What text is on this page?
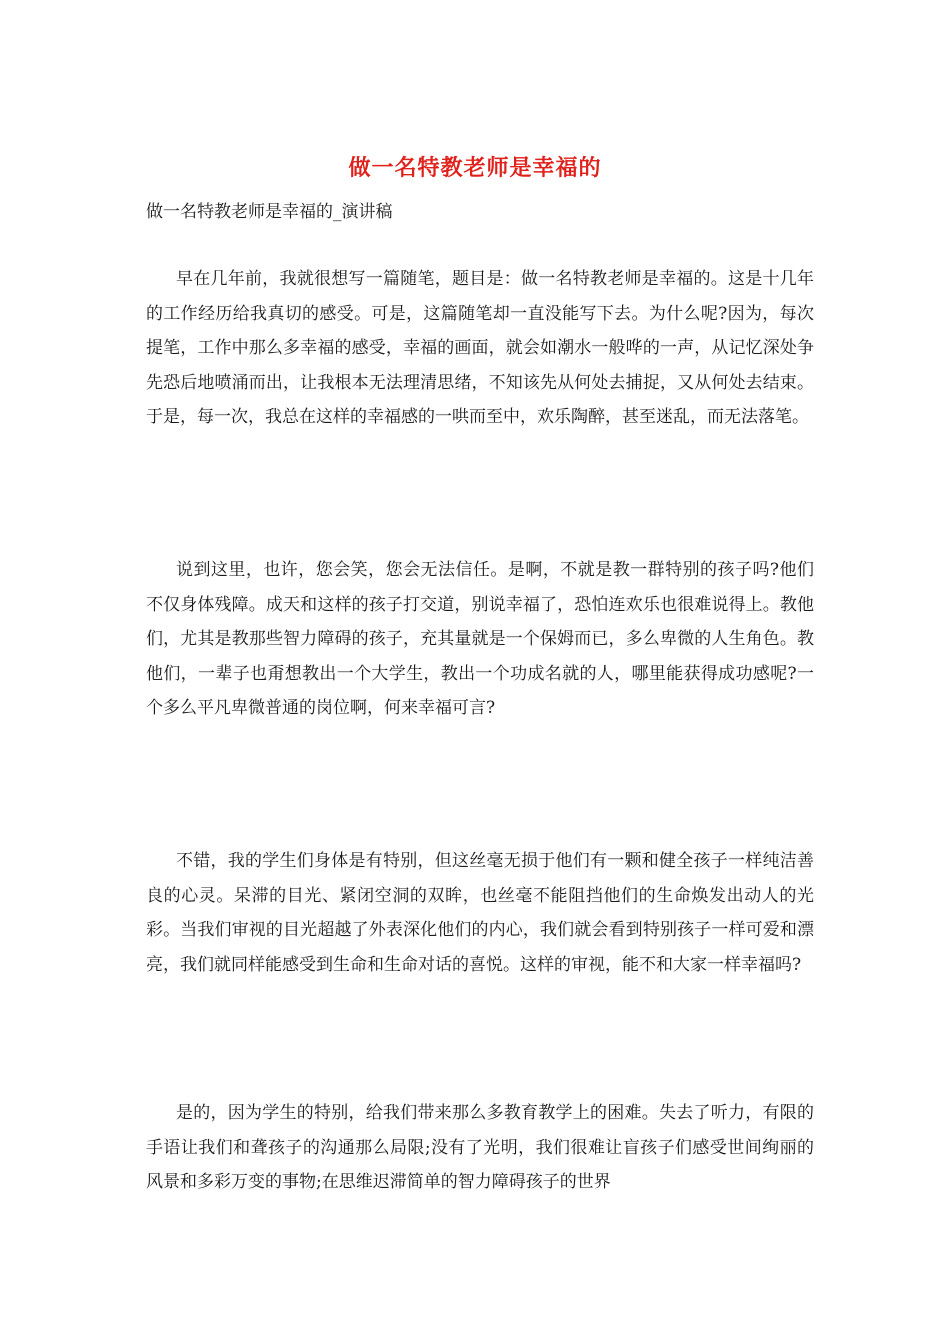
做一名特教老师是幸福的

做一名特教老师是幸福的_演讲稿

早在几年前，我就很想写一篇随笔，题目是：做一名特教老师是幸福的。这是十几年的工作经历给我真切的感受。可是，这篇随笔却一直没能写下去。为什么呢?因为，每次提笔，工作中那么多幸福的感受，幸福的画面，就会如潮水一般哗的一声，从记忆深处争先恐后地喷涌而出，让我根本无法理清思绪，不知该先从何处去捕捉，又从何处去结束。于是，每一次，我总在这样的幸福感的一哄而至中，欢乐陶醉，甚至迷乱，而无法落笔。

说到这里，也许，您会笑，您会无法信任。是啊，不就是教一群特别的孩子吗?他们不仅身体残障。成天和这样的孩子打交道，别说幸福了，恐怕连欢乐也很难说得上。教他们，尤其是教那些智力障碍的孩子，充其量就是一个保姆而已，多么卑微的人生角色。教他们，一辈子也甭想教出一个大学生，教出一个功成名就的人，哪里能获得成功感呢?一个多么平凡卑微普通的岗位啊，何来幸福可言?

不错，我的学生们身体是有特别，但这丝毫无损于他们有一颗和健全孩子一样纯洁善良的心灵。呆滞的目光、紧闭空洞的双眸，也丝毫不能阻挡他们的生命焕发出动人的光彩。当我们审视的目光超越了外表深化他们的内心，我们就会看到特别孩子一样可爱和漂亮，我们就同样能感受到生命和生命对话的喜悦。这样的审视，能不和大家一样幸福吗?

是的，因为学生的特别，给我们带来那么多教育教学上的困难。失去了听力，有限的手语让我们和聋孩子的沟通那么局限;没有了光明，我们很难让盲孩子们感受世间绚丽的风景和多彩万变的事物;在思维迟滞简单的智力障碍孩子的世界
